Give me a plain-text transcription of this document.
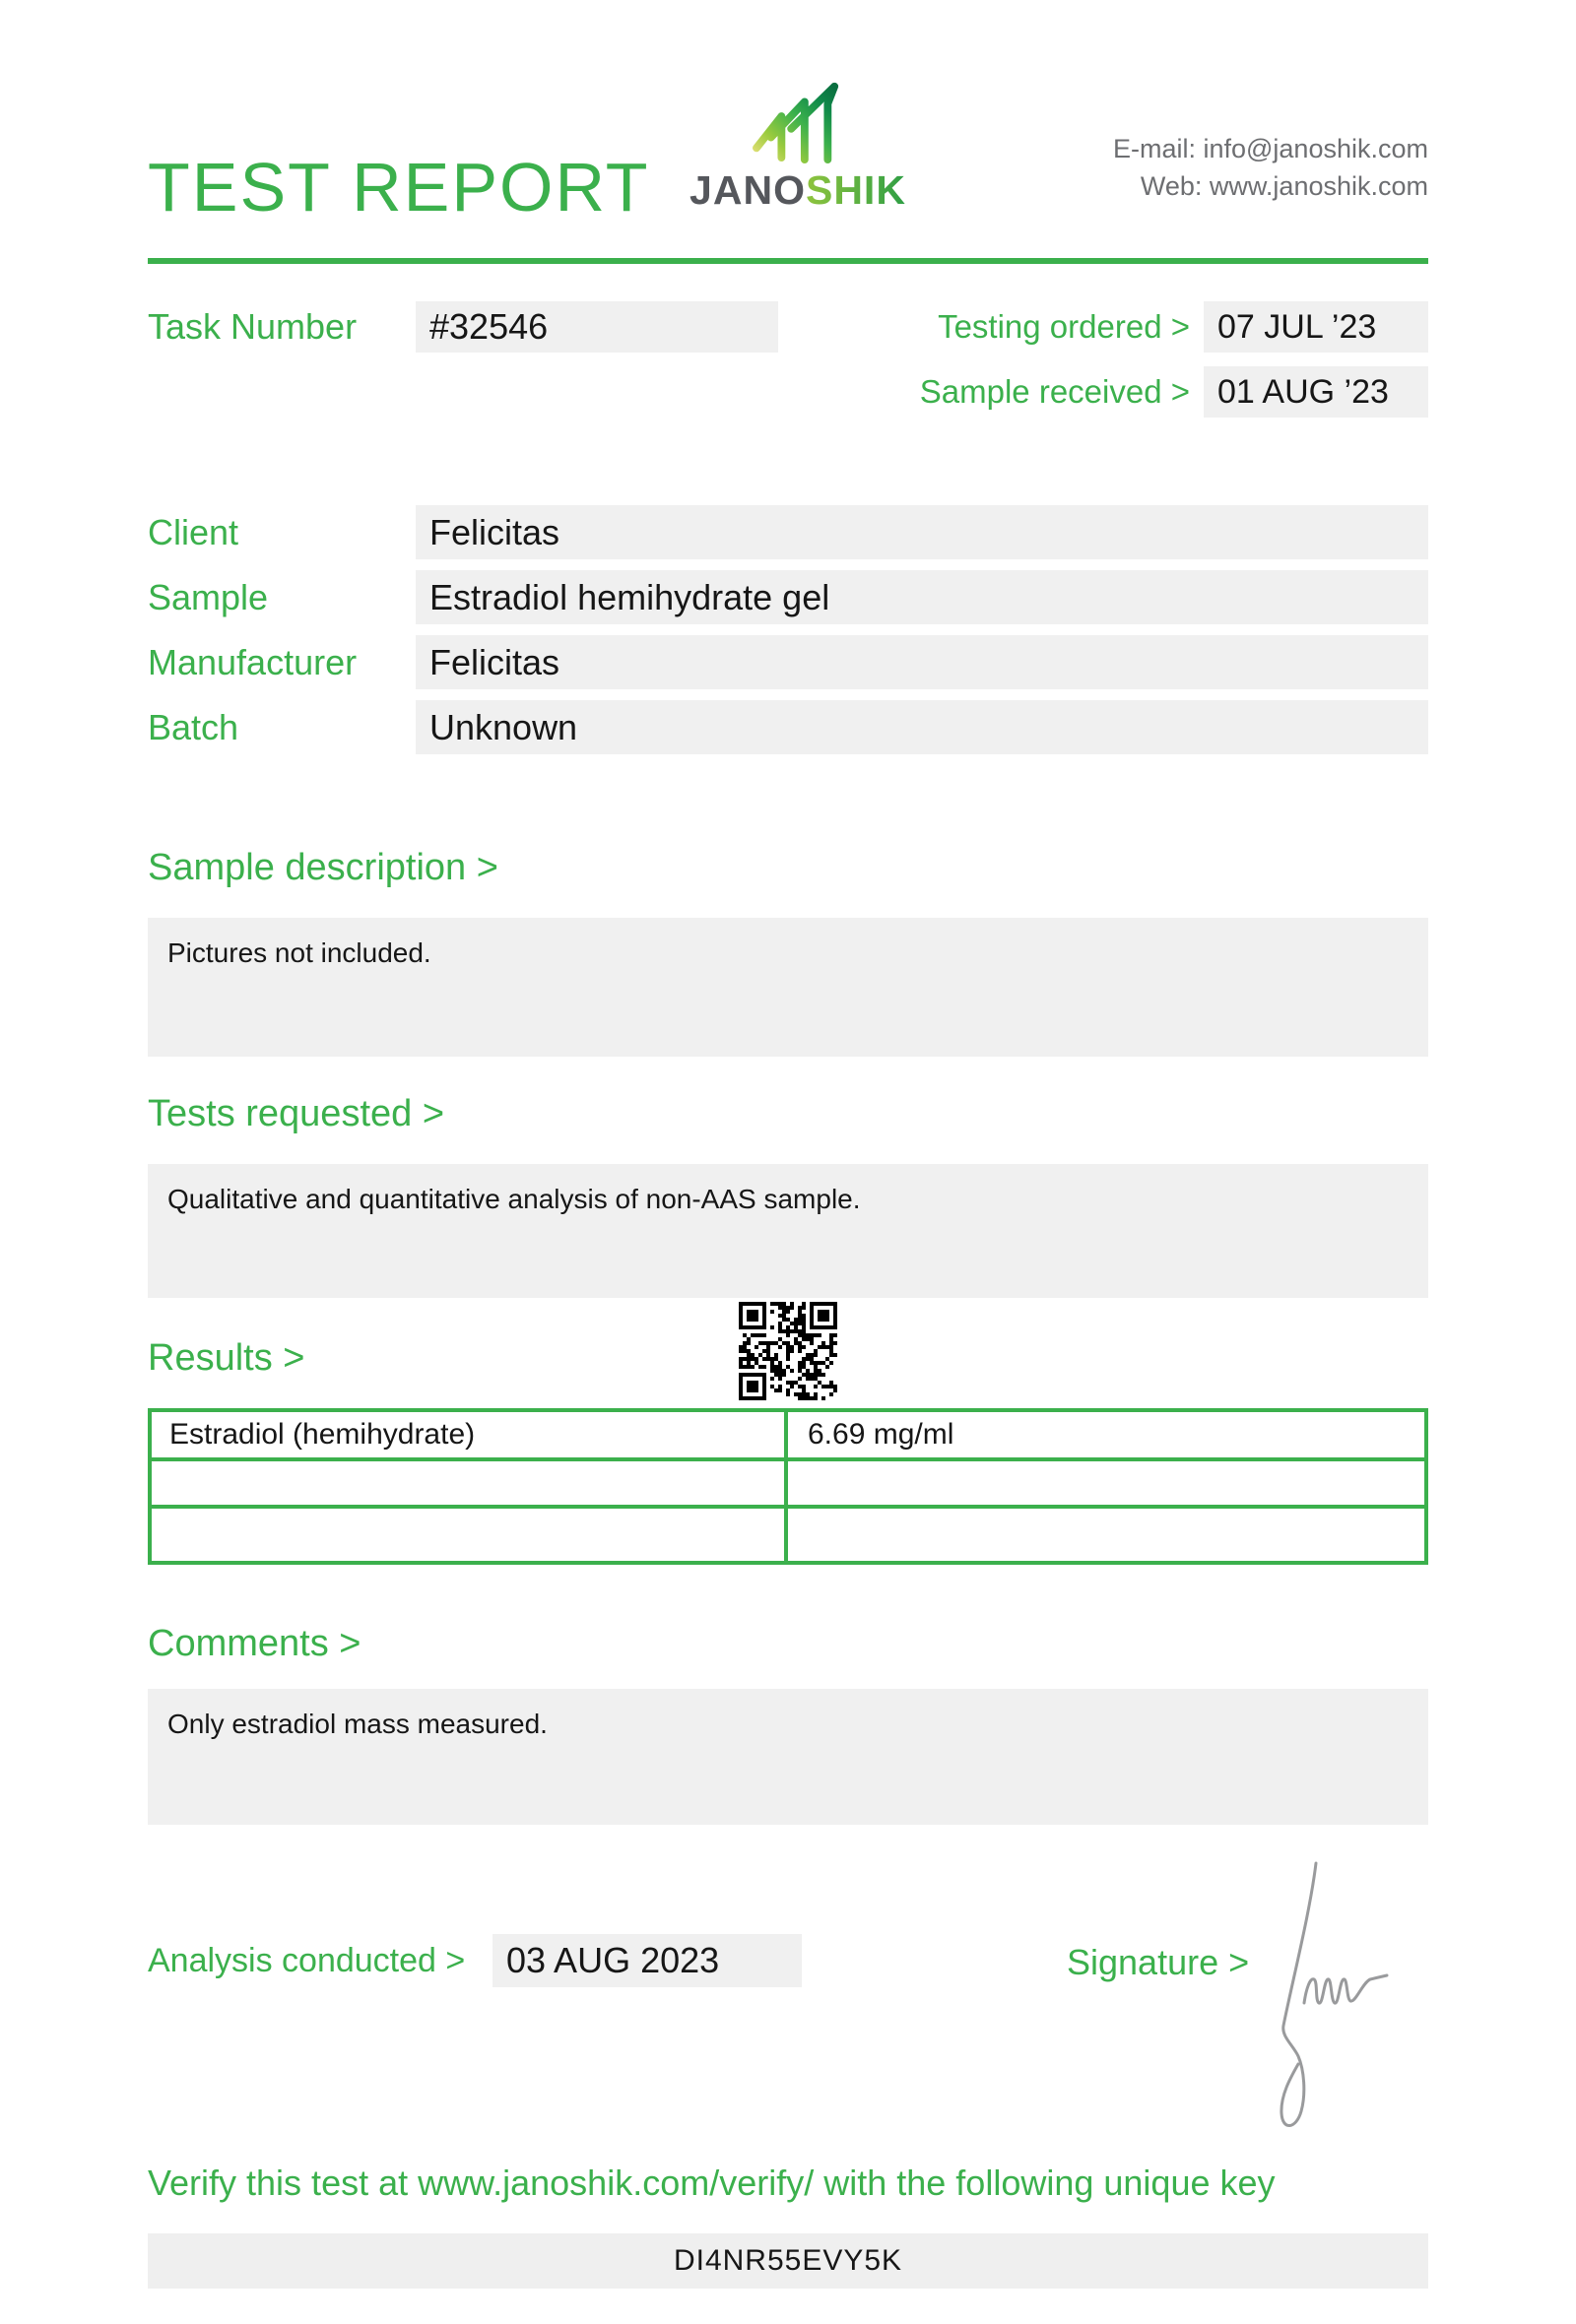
TEST REPORT JANOSHIK
E-mail: info@janoshik.com
Web: www.janoshik.com
Task Number	#32546	Testing ordered > 07 JUL ’23
Sample received > 01 AUG ’23
Client	Felicitas
Sample	Estradiol hemihydrate gel
Manufacturer	Felicitas
Batch	Unknown
Sample description >
Pictures not included.
Tests requested >
Qualitative and quantitative analysis of non-AAS sample.
Results >
Estradiol (hemihydrate)	6.69 mg/ml
Comments >
Only estradiol mass measured.
Analysis conducted >	03 AUG 2023	Signature >
Verify this test at www.janoshik.com/verify/ with the following unique key
DI4NR55EVY5K
